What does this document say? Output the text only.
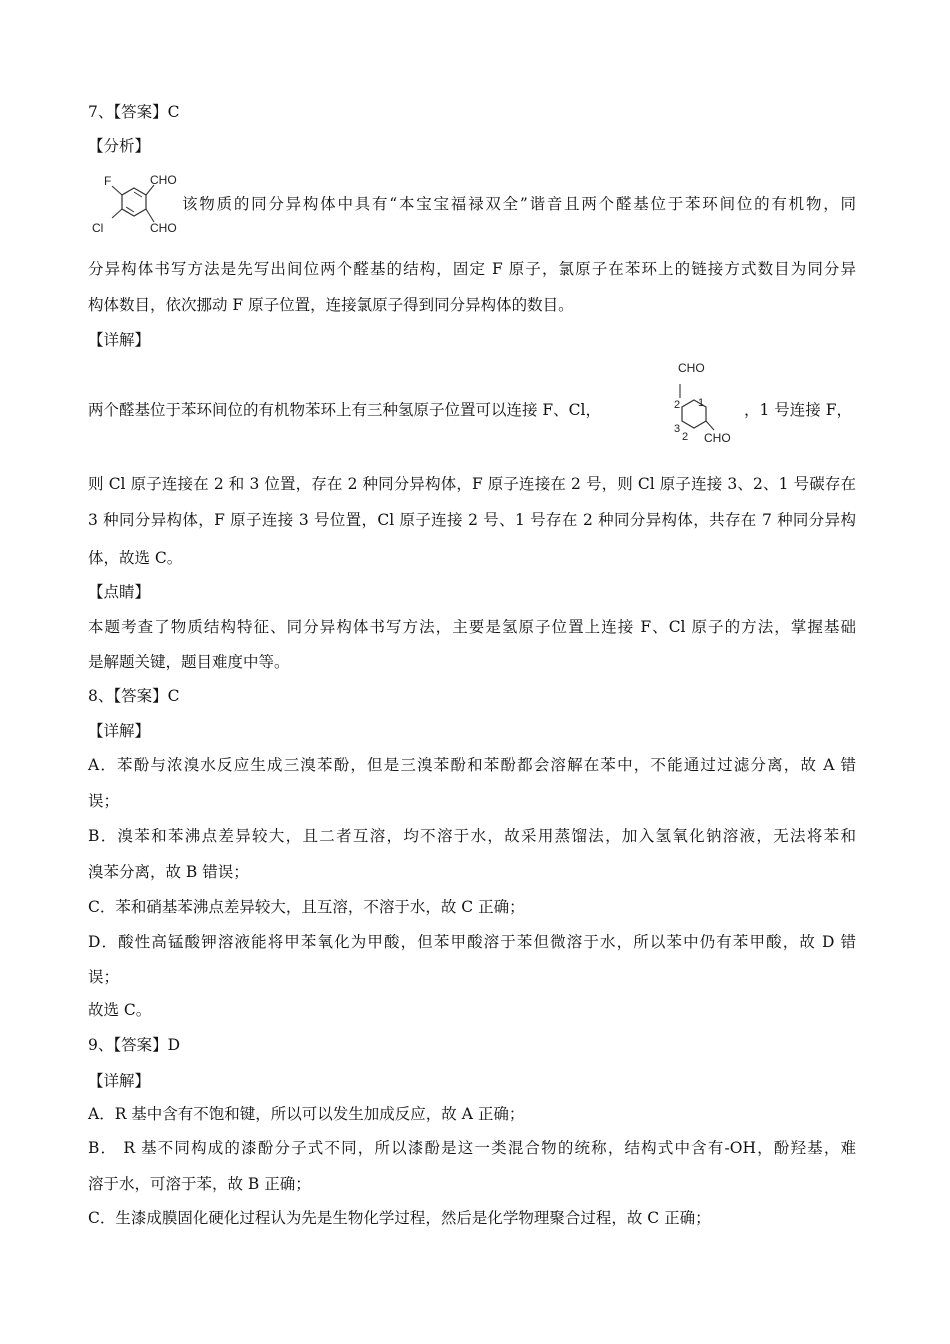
7、【答案】C

【分析】

F
Cl
CHO
CHO

该物质的同分异构体中具有“本宝宝福禄双全”谐音且两个醛基位于苯环间位的有机物，同

分异构体书写方法是先写出间位两个醛基的结构，固定 F 原子，氯原子在苯环上的链接方式数目为同分异

构体数目，依次挪动 F 原子位置，连接氯原子得到同分异构体的数目。

【详解】

CHO
CHO
2 1
3
2

两个醛基位于苯环间位的有机物苯环上有三种氢原子位置可以连接 F、Cl，	，1 号连接 F，

则 Cl 原子连接在 2 和 3 位置，存在 2 种同分异构体，F 原子连接在 2 号，则 Cl 原子连接 3、2、1 号碳存在

3 种同分异构体，F 原子连接 3 号位置，Cl 原子连接 2 号、1 号存在 2 种同分异构体，共存在 7 种同分异构

体，故选 C。

【点睛】

本题考查了物质结构特征、同分异构体书写方法，主要是氢原子位置上连接 F、Cl 原子的方法，掌握基础

是解题关键，题目难度中等。

8、【答案】C

【详解】

A．苯酚与浓溴水反应生成三溴苯酚，但是三溴苯酚和苯酚都会溶解在苯中，不能通过过滤分离，故 A 错

误；

B．溴苯和苯沸点差异较大，且二者互溶，均不溶于水，故采用蒸馏法，加入氢氧化钠溶液，无法将苯和

溴苯分离，故 B 错误；

C．苯和硝基苯沸点差异较大，且互溶，不溶于水，故 C 正确；

D．酸性高锰酸钾溶液能将甲苯氧化为甲酸，但苯甲酸溶于苯但微溶于水，所以苯中仍有苯甲酸，故 D 错

误；

故选 C。

9、【答案】D

【详解】

A．R 基中含有不饱和键，所以可以发生加成反应，故 A 正确；

B． R 基不同构成的漆酚分子式不同，所以漆酚是这一类混合物的统称，结构式中含有-OH，酚羟基，难

溶于水，可溶于苯，故 B 正确；

C．生漆成膜固化硬化过程认为先是生物化学过程，然后是化学物理聚合过程，故 C 正确；
